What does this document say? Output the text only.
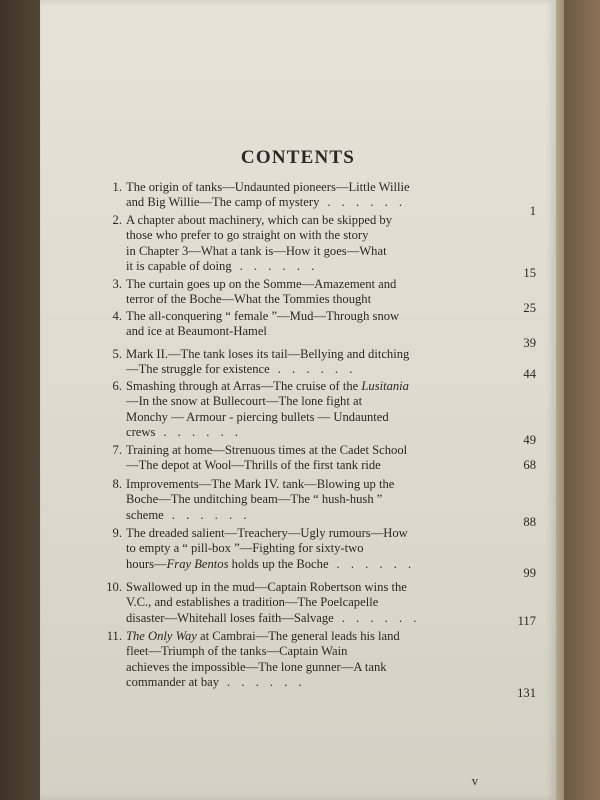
CONTENTS
1. The origin of tanks—Undaunted pioneers—Little Willie
and Big Willie—The camp of mystery . . . . . .
1
2. A chapter about machinery, which can be skipped by
those who prefer to go straight on with the story
in Chapter 3—What a tank is—How it goes—What
it is capable of doing . . . . . .	15
3. The curtain goes up on the Somme—Amazement and
terror of the Boche—What the Tommies thought
25
4. The all-conquering “ female ”—Mud—Through snow
and ice at Beaumont-Hamel
39
5. Mark II.—The tank loses its tail—Bellying and ditching
—The struggle for existence . . . . . .	44
6. Smashing through at Arras—The cruise of the Lusitania
—In the snow at Bullecourt—The lone fight at
Monchy — Armour - piercing bullets — Undaunted
crews . . . . . .
49
7. Training at home—Strenuous times at the Cadet School
—The depot at Wool—Thrills of the first tank ride	68
8. Improvements—The Mark IV. tank—Blowing up the
Boche—The unditching beam—The “ hush-hush ”
scheme . . . . . .
88
9. The dreaded salient—Treachery—Ugly rumours—How
to empty a “ pill-box ”—Fighting for sixty-two
hours—Fray Bentos holds up the Boche . . . . . .
99
10. Swallowed up in the mud—Captain Robertson wins the
V.C., and establishes a tradition—The Poelcapelle
disaster—Whitehall loses faith—Salvage . . . . . .	117
11. The Only Way at Cambrai—The general leads his land
fleet—Triumph of the tanks—Captain Wain
achieves the impossible—The lone gunner—A tank
commander at bay . . . . . .
131
v
